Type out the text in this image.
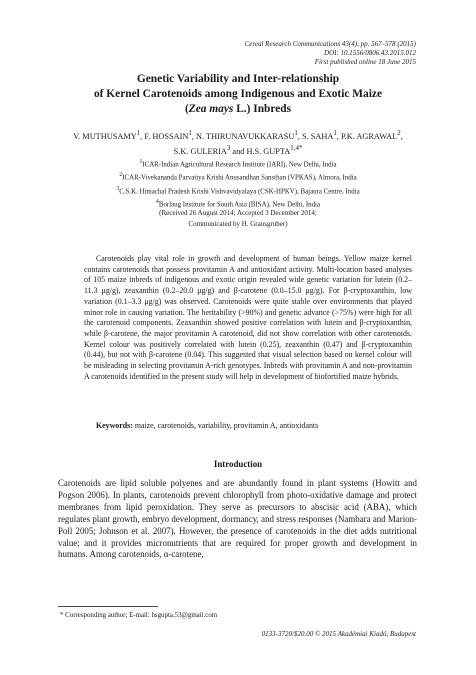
Cereal Research Communications 43(4), pp. 567–578 (2015)
DOI: 10.1556/0806.43.2015.012
First published online 18 June 2015
Genetic Variability and Inter-relationship
of Kernel Carotenoids among Indigenous and Exotic Maize
(Zea mays L.) Inbreds
V. MUTHUSAMY$^1$, F. HOSSAIN$^1$, N. THIRUNAVUKKARASU$^1$, S. SAHA$^1$, P.K. AGRAWAL$^2$,
S.K. GULERIA$^3$ and H.S. $GUPTA^{1,4*}$
$^1$ICAR-Indian Agricultural Research Institute (IARI), New Delhi, India
$^2$ICAR-Vivekananda Parvatiya Krishi Anusandhan Sansthan (VPKAS), Almora, India
$^3$C.S.K. Himachal Pradesh Krishi Vishvavidyalaya (CSK-HPKV), Bajaura Centre, India
$^4$Borlaug Institute for South Asia (BISA), New Delhi, India
(Received 26 August 2014; Accepted 3 December 2014;
Communicated by H. Grausgruber)
Carotenoids play vital role in growth and development of human beings. Yellow maize kernel contains carotenoids that possess provitamin A and antioxidant activity. Multi-location based analyses of 105 maize inbreds of indigenous and exotic origin revealed wide genetic variation for lutein (0.2–11.3 μg/g), zeaxanthin (0.2–20.0 μg/g) and β-carotene (0.0–15.0 μg/g). For β-cryptoxanthin, low variation (0.1–3.3 μg/g) was observed. Carotenoids were quite stable over environments that played minor role in causing variation. The heritability (>90%) and genetic advance (>75%) were high for all the carotenoid components. Zeaxanthin showed positive correlation with lutein and β-cryptoxanthin, while β-carotene, the major provitamin A carotenoid, did not show correlation with other carotenoids. Kernel colour was positively correlated with lutein (0.25), zeaxanthin (0.47) and β-cryptoxanthin (0.44), but not with β-carotene (0.04). This suggested that visual selection based on kernel colour will be misleading in selecting provitamin A-rich genotypes. Inbreds with provitamin A and non-provitamin A carotenoids identified in the present study will help in development of biofortified maize hybrids.
Keywords: maize, carotenoids, variability, provitamin A, antioxidants
Introduction
Carotenoids are lipid soluble polyenes and are abundantly found in plant systems (Howitt and Pogson 2006). In plants, carotenoids prevent chlorophyll from photo-oxidative damage and protect membranes from lipid peroxidation. They serve as precursors to abscisic acid (ABA), which regulates plant growth, embryo development, dormancy, and stress responses (Nambara and Marion-Poll 2005; Johnson et al. 2007). However, the presence of carotenoids in the diet adds nutritional value; and it provides micronutrients that are required for proper growth and development in humans. Among carotenoids, α-carotene,
* Corresponding author; E-mail: hsgupta.53@gmail.com
0133-3720/$20.00 © 2015 Akadémiai Kiadó, Budapest
